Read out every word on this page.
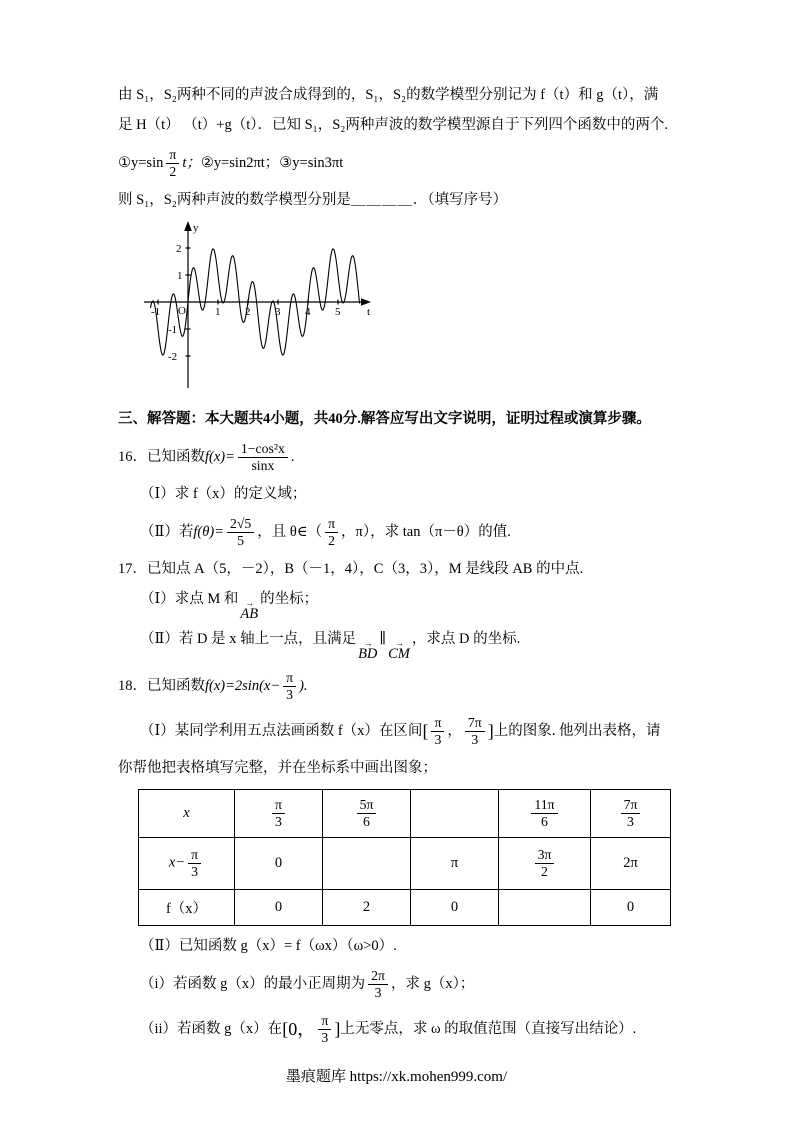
由 S₁，S₂两种不同的声波合成得到的，S₁，S₂的数学模型分别记为 f（t）和 g（t），满
足 H（t） （t）+g（t）．已知 S₁，S₂两种声波的数学模型源自于下列四个函数中的两个.
①y=sin $\frac{\pi}{2}$ t； ②y=sin2πt； ③y=sin3πt
则 S₁，S₂两种声波的数学模型分别是＿＿＿＿．（填写序号）
y
t
O
-1	1 2 3 4 5
2
1
-1
-2
三、解答题：本大题共4小题，共40分.解答应写出文字说明，证明过程或演算步骤。
16．已知函数 $f(x)= \frac{\text{1−cos²x}}{\sin x}$ .
（Ⅰ）求 f（x）的定义域；
（Ⅱ）若 $f(\theta)= \frac{2√5}{5}$ ，且 θ∈（ $\frac{\pi}{2}$ ，π），求 tan（π－θ）的值.
17．已知点 A（5，－2），B（－1，4），C（3，3），M 是线段 AB 的中点.
（Ⅰ）求点 M 和 →
AB
的坐标；
（Ⅱ）若 D 是 x 轴上一点，且满足 →
BD
∥ →
CM
，求点 D 的坐标.
18．已知函数 $f(x)=2\sin(x- \frac{\pi}{3}$ ).
（Ⅰ）某同学利用五点法画函数 f（x）在区间 [ $\frac{\pi}{3}$ ， $\frac{7\pi}{3}$ ] 上的图象. 他列出表格，请
你帮他把表格填写完整，并在坐标系中画出图象；
x	$\frac{\pi}{3}$	$\frac{5\pi}{6}$		$\frac{11\pi}{6}$	$\frac{7\pi}{3}$

$x- \frac{\pi}{3}$	0		π	$\frac{3\pi}{2}$	2π
f（x）	0	2	0		0
（Ⅱ）已知函数 g（x）= f（ωx）（ω>0）.
（i）若函数 g（x）的最小正周期为 $\frac{2\pi}{3}$ ，求 g（x）；
（ii）若函数 g（x）在 [0， $\frac{\pi}{3}$ ] 上无零点，求 ω 的取值范围（直接写出结论）.
墨痕题库 https://xk.mohen999.com/
